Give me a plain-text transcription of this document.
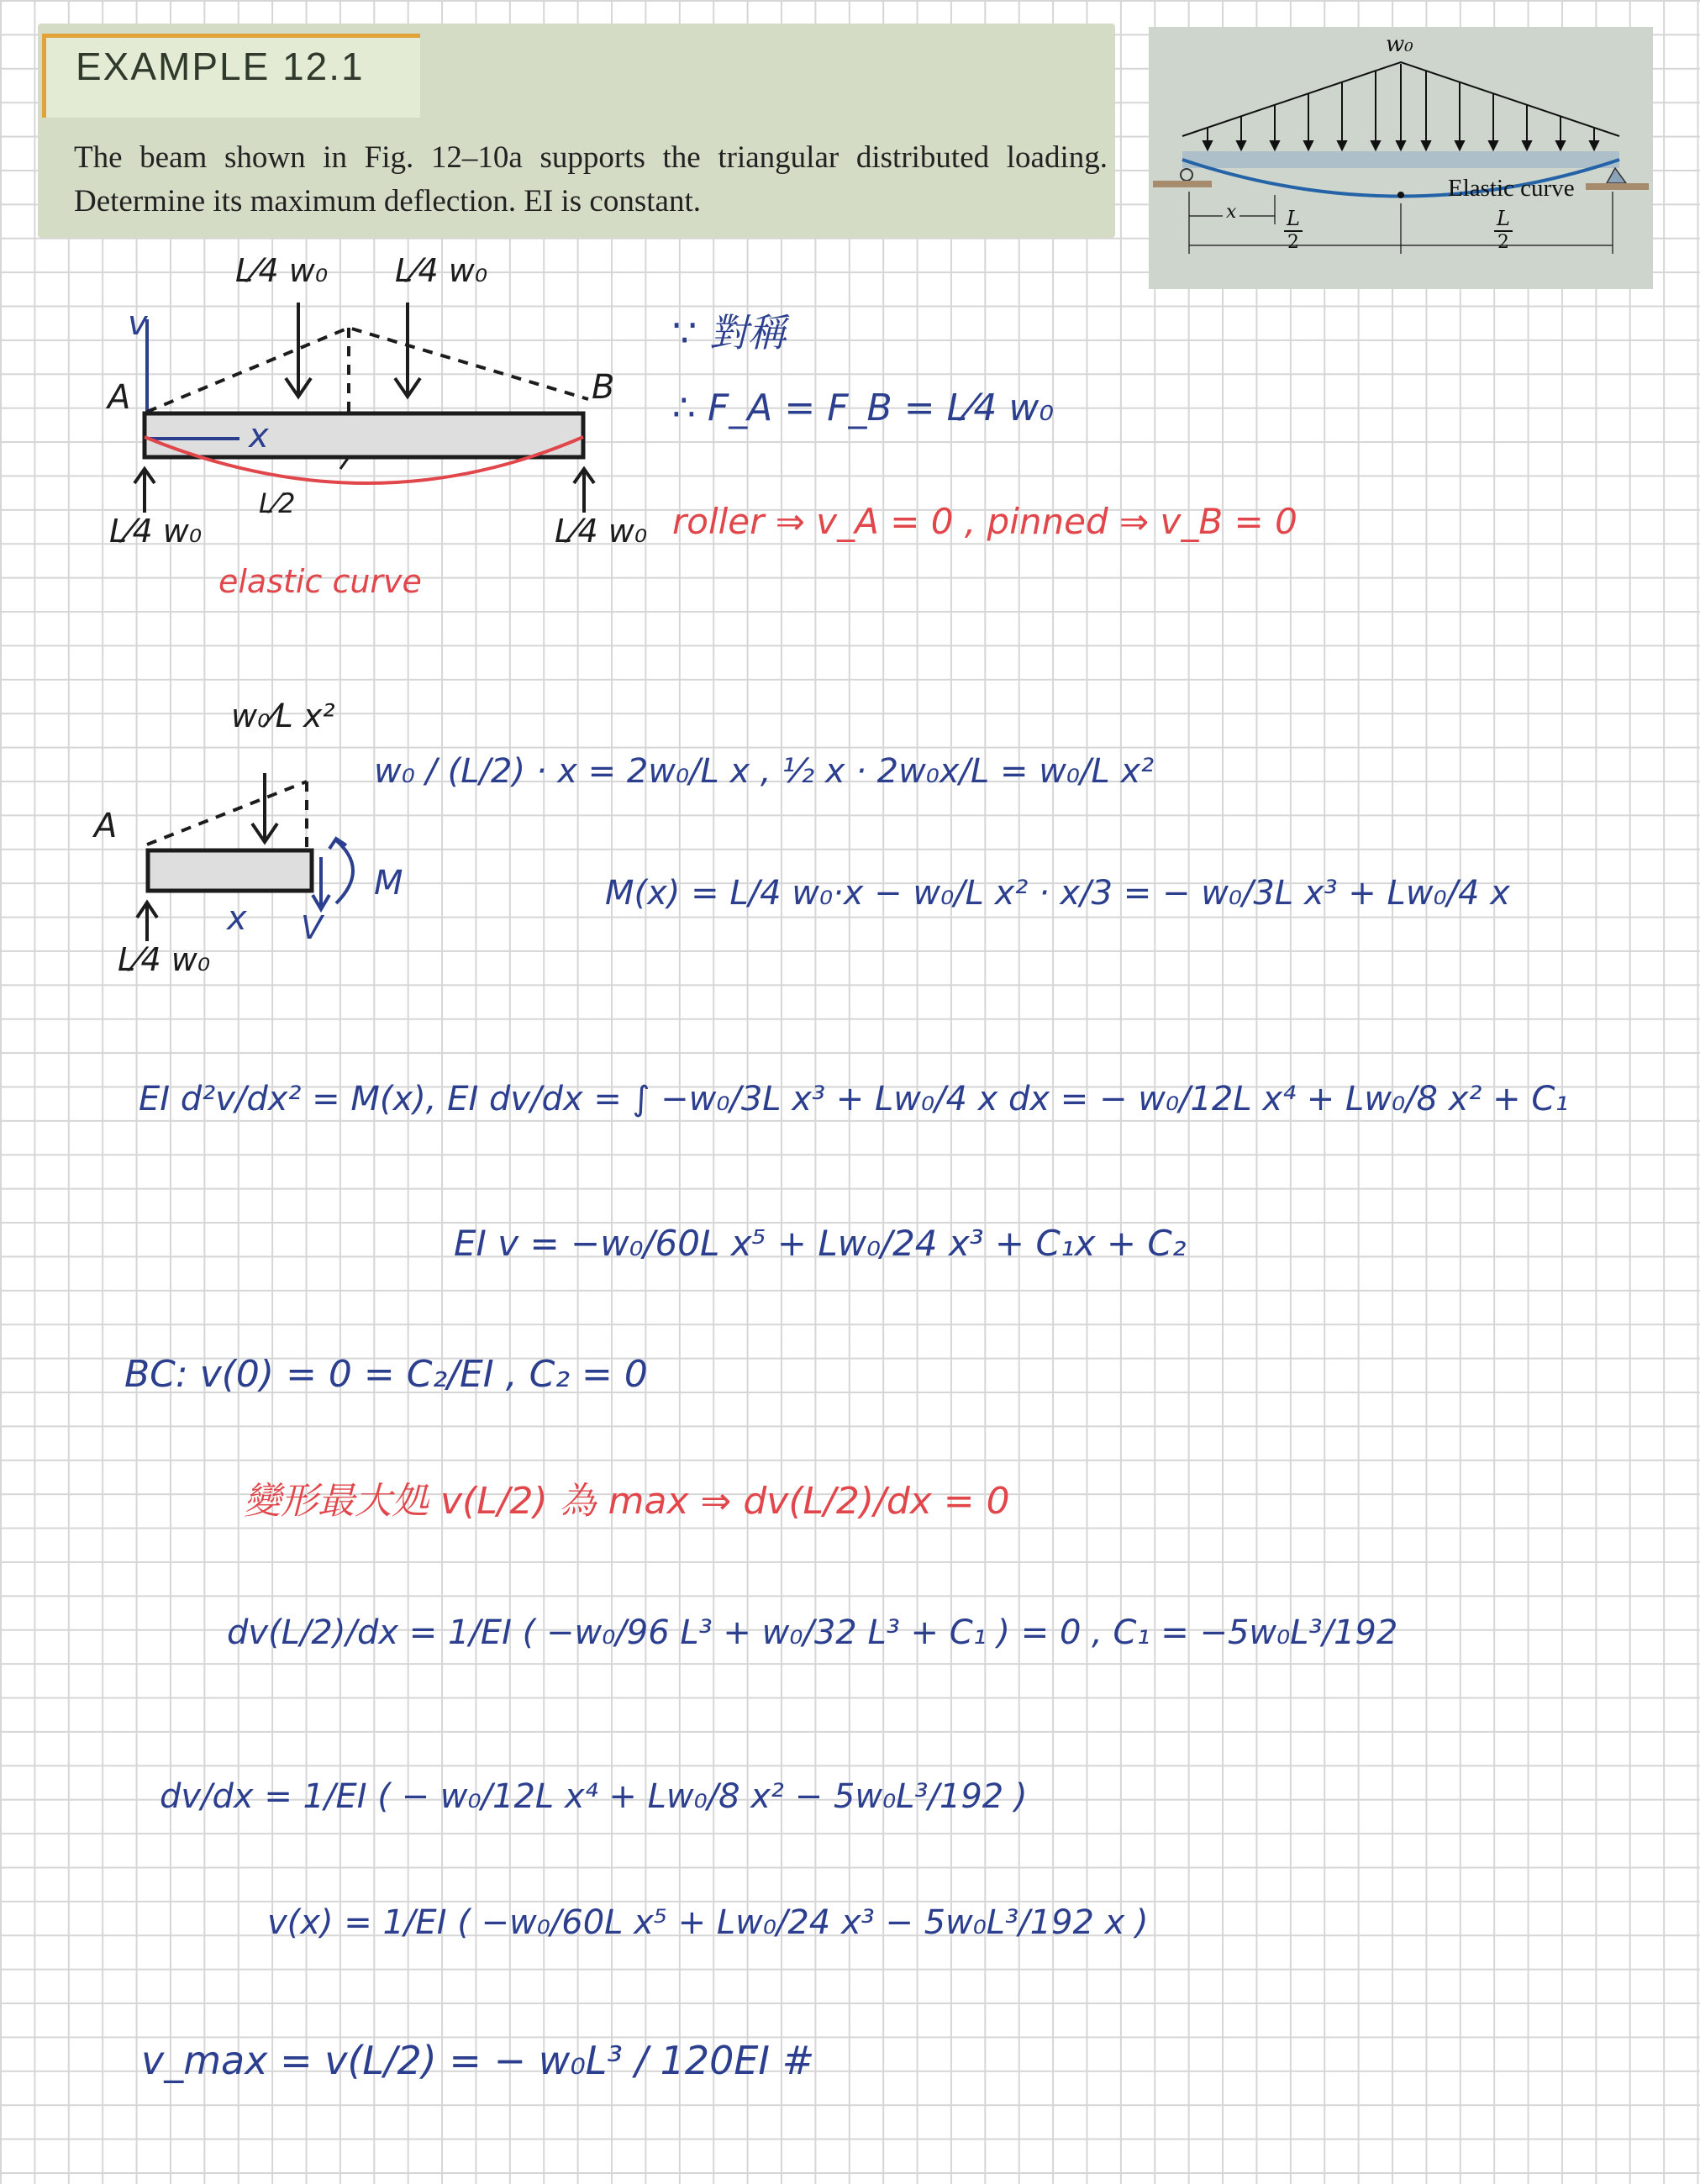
EXAMPLE 12.1
The beam shown in Fig. 12–10a supports the triangular distributed loading. Determine its maximum deflection. EI is constant.
w₀
Elastic curve
x L
2
L
2
v
A	B
L⁄4 w₀ L⁄4 w₀
x
L⁄2
L⁄4 w₀	L⁄4 w₀
elastic curve
∵ 對稱
∴ F_A = F_B = L⁄4 w₀
roller ⇒ v_A = 0 , pinned ⇒ v_B = 0
A
w₀⁄L x²
x V
M
L⁄4 w₀
w₀ / (L/2) · x = 2w₀/L x , ½ x · 2w₀x/L = w₀/L x²
M(x) = L/4 w₀·x − w₀/L x² · x/3 = − w₀/3L x³ + Lw₀/4 x
EI d²v/dx² = M(x), EI dv/dx = ∫ −w₀/3L x³ + Lw₀/4 x dx = − w₀/12L x⁴ + Lw₀/8 x² + C₁
EI v = −w₀/60L x⁵ + Lw₀/24 x³ + C₁x + C₂
BC: v(0) = 0 = C₂/EI , C₂ = 0
變形最大処 v(L/2) 為 max ⇒ dv(L/2)/dx = 0
dv(L/2)/dx = 1/EI ( −w₀/96 L³ + w₀/32 L³ + C₁ ) = 0 , C₁ = −5w₀L³/192
dv/dx = 1/EI ( − w₀/12L x⁴ + Lw₀/8 x² − 5w₀L³/192 )
v(x) = 1/EI ( −w₀/60L x⁵ + Lw₀/24 x³ − 5w₀L³/192 x )
v_max = v(L/2) = − w₀L³ / 120EI #
